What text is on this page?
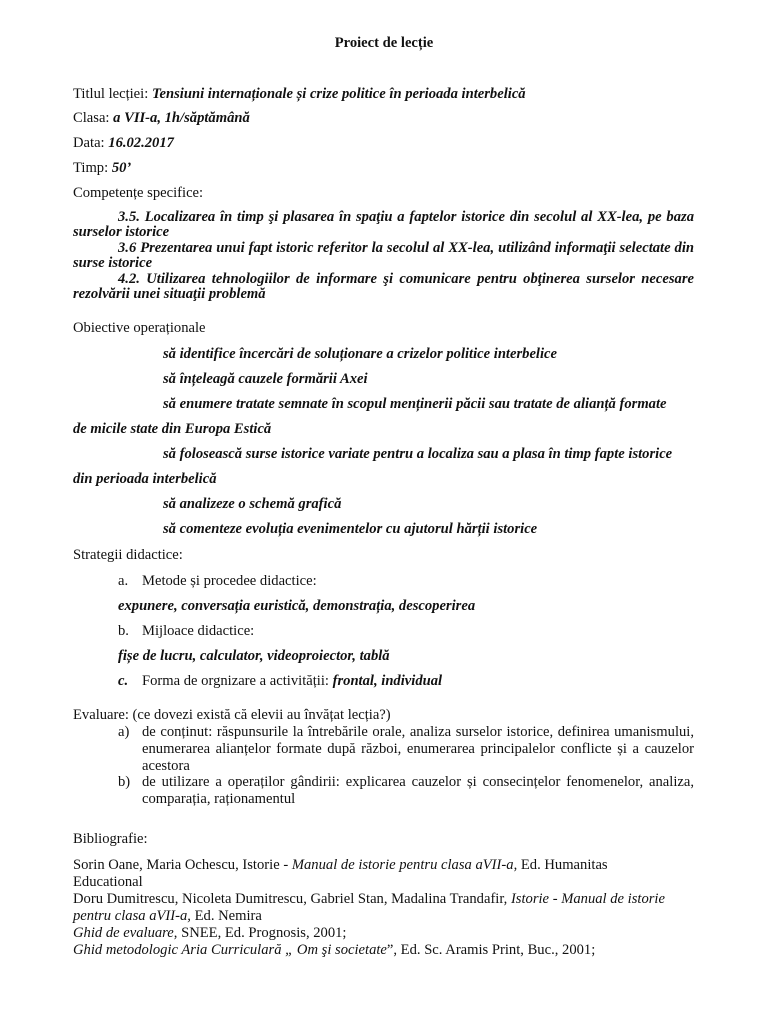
Proiect de lecție
Titlul lecției: Tensiuni internaționale și crize politice în perioada interbelică
Clasa: a VII-a, 1h/săptămână
Data: 16.02.2017
Timp: 50’
Competențe specifice:
3.5. Localizarea în timp şi plasarea în spaţiu a faptelor istorice din secolul al XX-lea, pe baza surselor istorice
3.6 Prezentarea unui fapt istoric referitor la secolul al XX-lea, utilizând informaţii selectate din surse istorice
4.2. Utilizarea tehnologiilor de informare şi comunicare pentru obţinerea surselor necesare rezolvării unei situaţii problemă
Obiective operaționale
să identifice încercări de soluționare a crizelor politice interbelice
să înțeleagă cauzele formării Axei
să enumere tratate semnate în scopul menținerii păcii sau tratate de alianță formate
de micile state din Europa Estică
să folosească surse istorice variate pentru a localiza sau a plasa în timp fapte istorice
din perioada interbelică
să analizeze o schemă grafică
să comenteze evoluția evenimentelor cu ajutorul hărții istorice
Strategii didactice:
a. Metode și procedee didactice:
expunere, conversația euristică, demonstrația, descoperirea
b. Mijloace didactice:
fișe de lucru, calculator, videoproiector, tablă
c. Forma de orgnizare a activității: frontal, individual
Evaluare: (ce dovezi există că elevii au învățat lecția?)
a) de conținut: răspunsurile la întrebările orale, analiza surselor istorice, definirea umanismului, enumerarea alianțelor formate după război, enumerarea principalelor conflicte și a cauzelor acestora
b) de utilizare a operaților gândirii: explicarea cauzelor și consecințelor fenomenelor, analiza, comparația, raționamentul
Bibliografie:
Sorin Oane, Maria Ochescu, Istorie - Manual de istorie pentru clasa aVII-a, Ed. Humanitas
Educational
Doru Dumitrescu, Nicoleta Dumitrescu, Gabriel Stan, Madalina Trandafir, Istorie - Manual de istorie
pentru clasa aVII-a, Ed. Nemira
Ghid de evaluare, SNEE, Ed. Prognosis, 2001;
Ghid metodologic Aria Curriculară „ Om şi societate”, Ed. Sc. Aramis Print, Buc., 2001;
